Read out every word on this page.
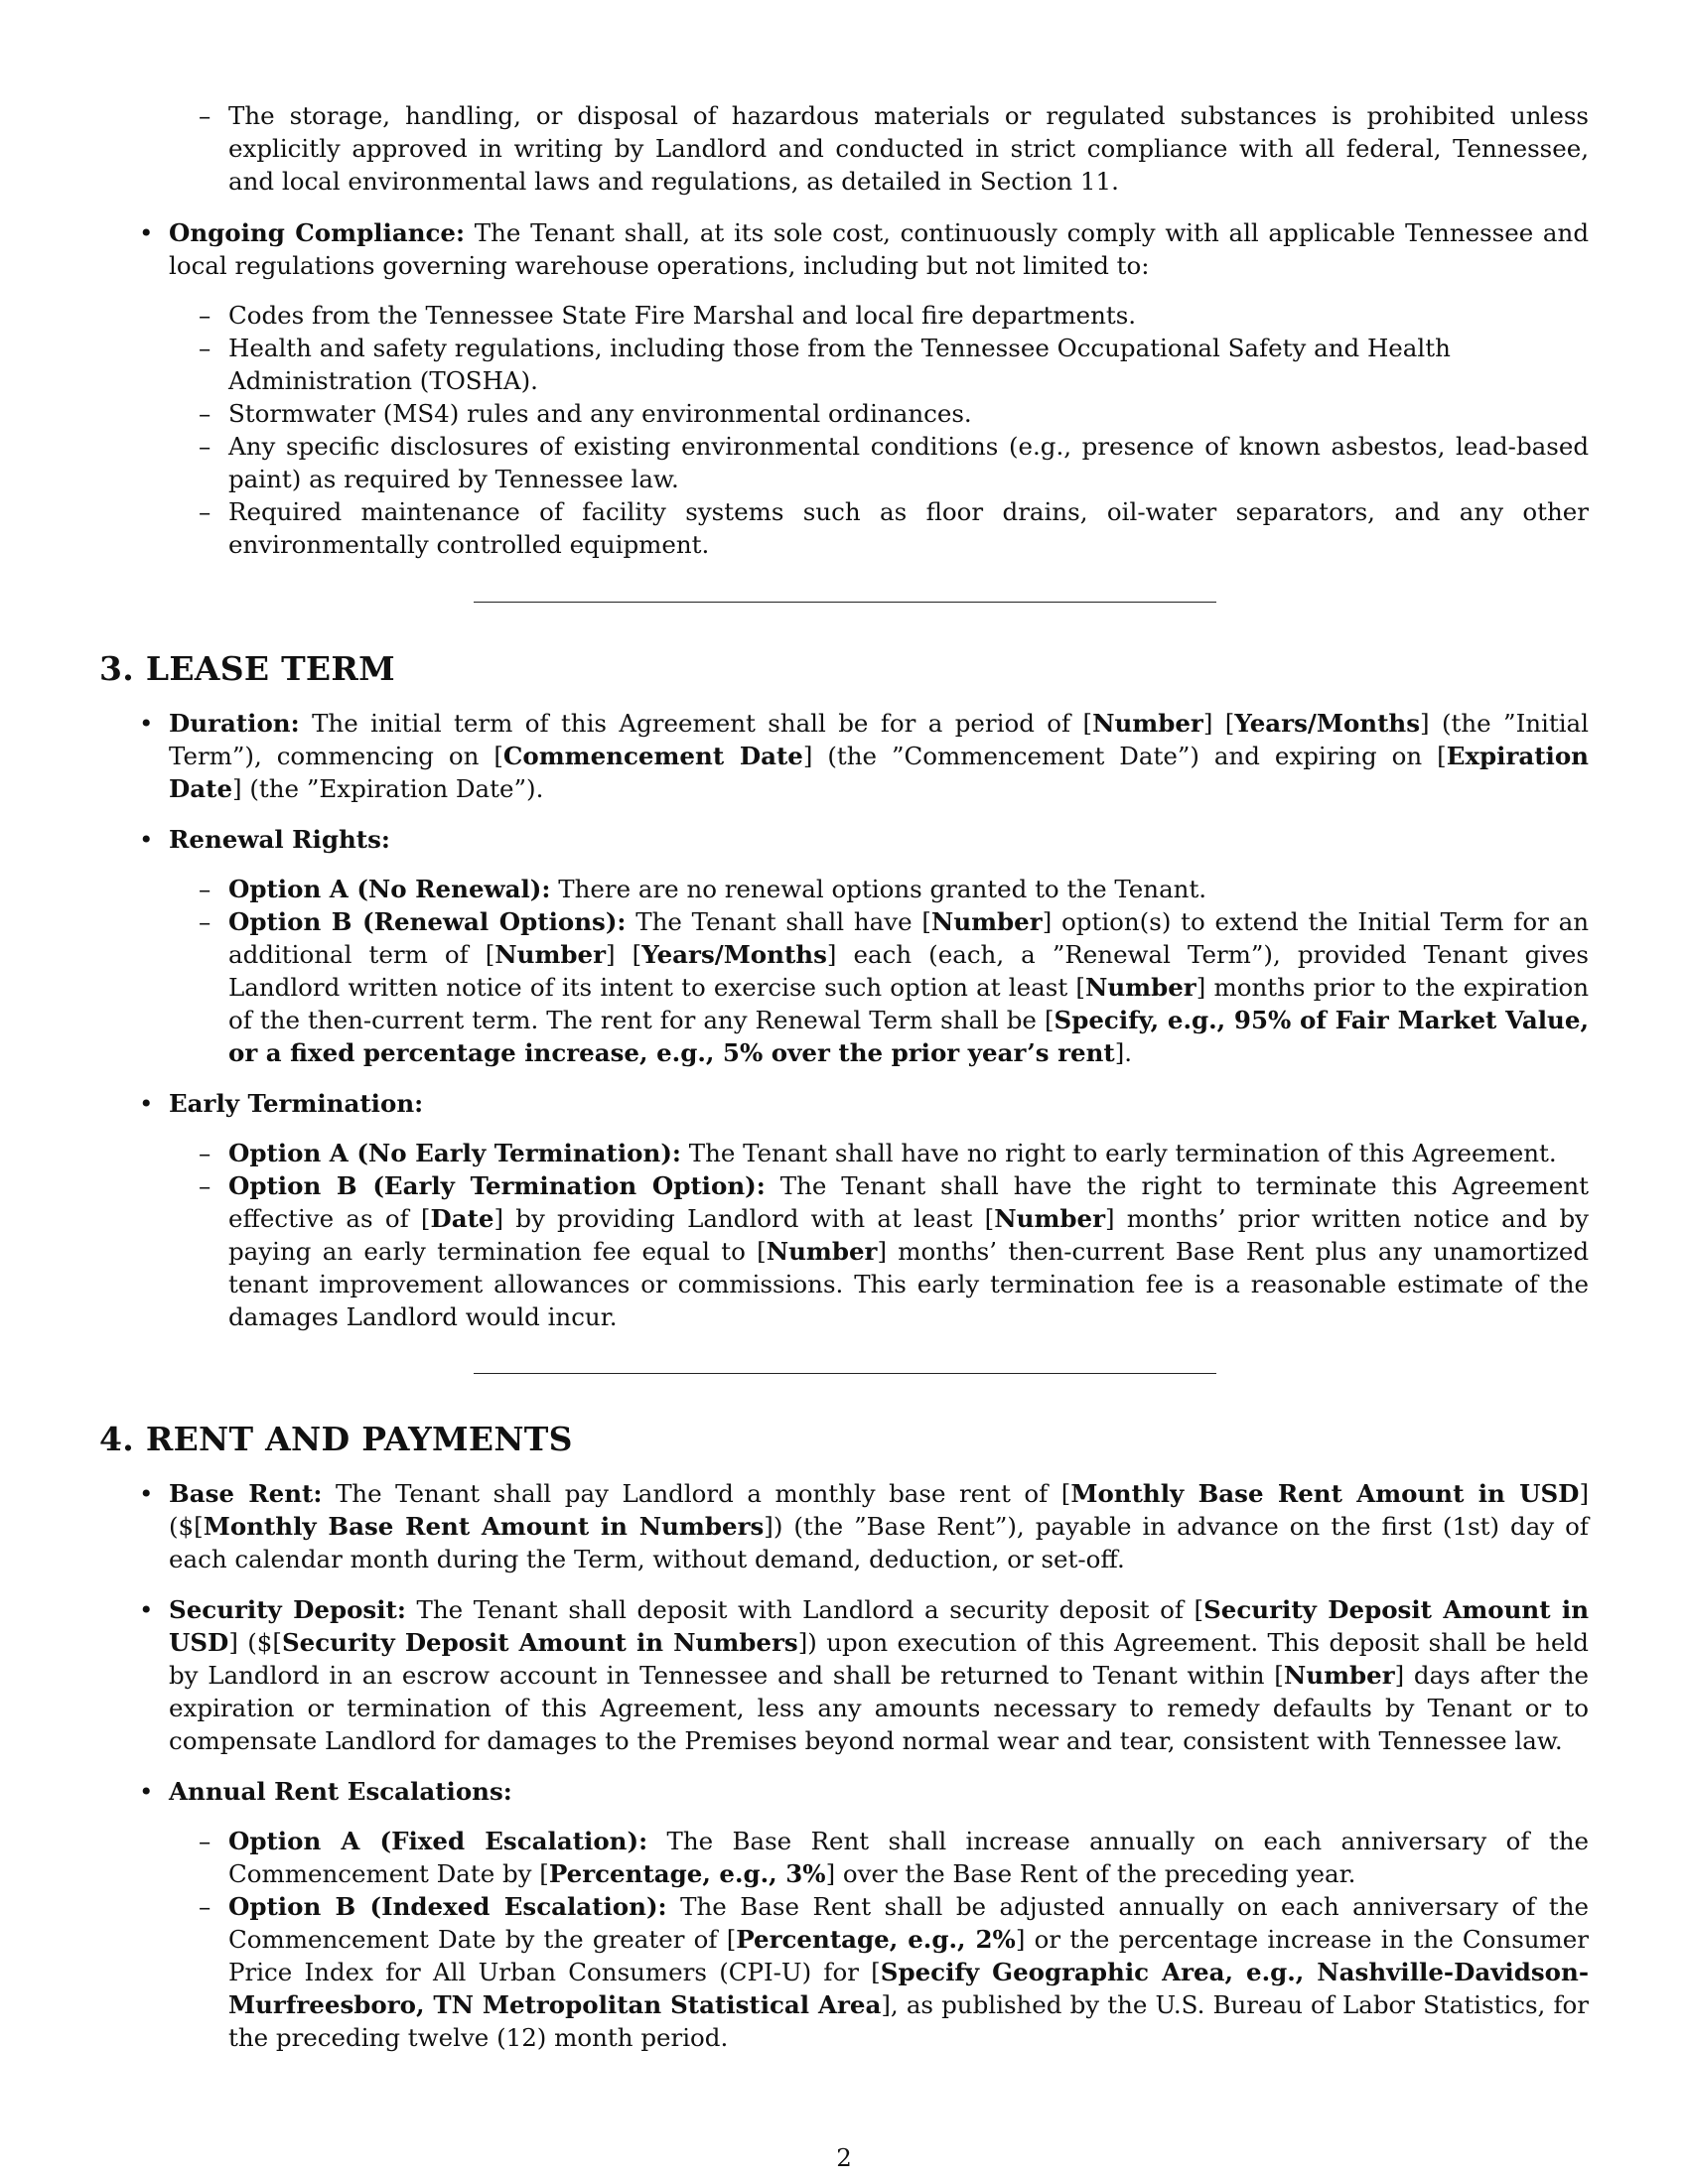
– The storage, handling, or disposal of hazardous materials or regulated substances is prohibited unless explicitly approved in writing by Landlord and conducted in strict compliance with all federal, Tennessee, and local environmental laws and regulations, as detailed in Section 11.
• Ongoing Compliance: The Tenant shall, at its sole cost, continuously comply with all applicable Tennessee and local regulations governing warehouse operations, including but not limited to:
– Codes from the Tennessee State Fire Marshal and local fire departments.
– Health and safety regulations, including those from the Tennessee Occupational Safety and Health Administration (TOSHA).
– Stormwater (MS4) rules and any environmental ordinances.
– Any specific disclosures of existing environmental conditions (e.g., presence of known asbestos, lead-based paint) as required by Tennessee law.
– Required maintenance of facility systems such as floor drains, oil-water separators, and any other environmentally controlled equipment.
3. LEASE TERM
• Duration: The initial term of this Agreement shall be for a period of [Number] [Years/Months] (the ”Initial Term”), commencing on [Commencement Date] (the ”Commencement Date”) and expiring on [Expiration Date] (the ”Expiration Date”).
• Renewal Rights:
– Option A (No Renewal): There are no renewal options granted to the Tenant.
– Option B (Renewal Options): The Tenant shall have [Number] option(s) to extend the Initial Term for an additional term of [Number] [Years/Months] each (each, a ”Renewal Term”), provided Tenant gives Landlord written notice of its intent to exercise such option at least [Number] months prior to the expiration of the then-current term. The rent for any Renewal Term shall be [Specify, e.g., 95% of Fair Market Value, or a fixed percentage increase, e.g., 5% over the prior year’s rent].
• Early Termination:
– Option A (No Early Termination): The Tenant shall have no right to early termination of this Agreement.
– Option B (Early Termination Option): The Tenant shall have the right to terminate this Agreement effective as of [Date] by providing Landlord with at least [Number] months’ prior written notice and by paying an early termination fee equal to [Number] months’ then-current Base Rent plus any unamortized tenant improvement allowances or commissions. This early termination fee is a reasonable estimate of the damages Landlord would incur.
4. RENT AND PAYMENTS
• Base Rent: The Tenant shall pay Landlord a monthly base rent of [Monthly Base Rent Amount in USD] ($[Monthly Base Rent Amount in Numbers]) (the ”Base Rent”), payable in advance on the first (1st) day of each calendar month during the Term, without demand, deduction, or set-off.
• Security Deposit: The Tenant shall deposit with Landlord a security deposit of [Security Deposit Amount in USD] ($[Security Deposit Amount in Numbers]) upon execution of this Agreement. This deposit shall be held by Landlord in an escrow account in Tennessee and shall be returned to Tenant within [Number] days after the expiration or termination of this Agreement, less any amounts necessary to remedy defaults by Tenant or to compensate Landlord for damages to the Premises beyond normal wear and tear, consistent with Tennessee law.
• Annual Rent Escalations:
– Option A (Fixed Escalation): The Base Rent shall increase annually on each anniversary of the Commencement Date by [Percentage, e.g., 3%] over the Base Rent of the preceding year.
– Option B (Indexed Escalation): The Base Rent shall be adjusted annually on each anniversary of the Commencement Date by the greater of [Percentage, e.g., 2%] or the percentage increase in the Consumer Price Index for All Urban Consumers (CPI-U) for [Specify Geographic Area, e.g., Nashville-Davidson-Murfreesboro, TN Metropolitan Statistical Area], as published by the U.S. Bureau of Labor Statistics, for the preceding twelve (12) month period.
2
